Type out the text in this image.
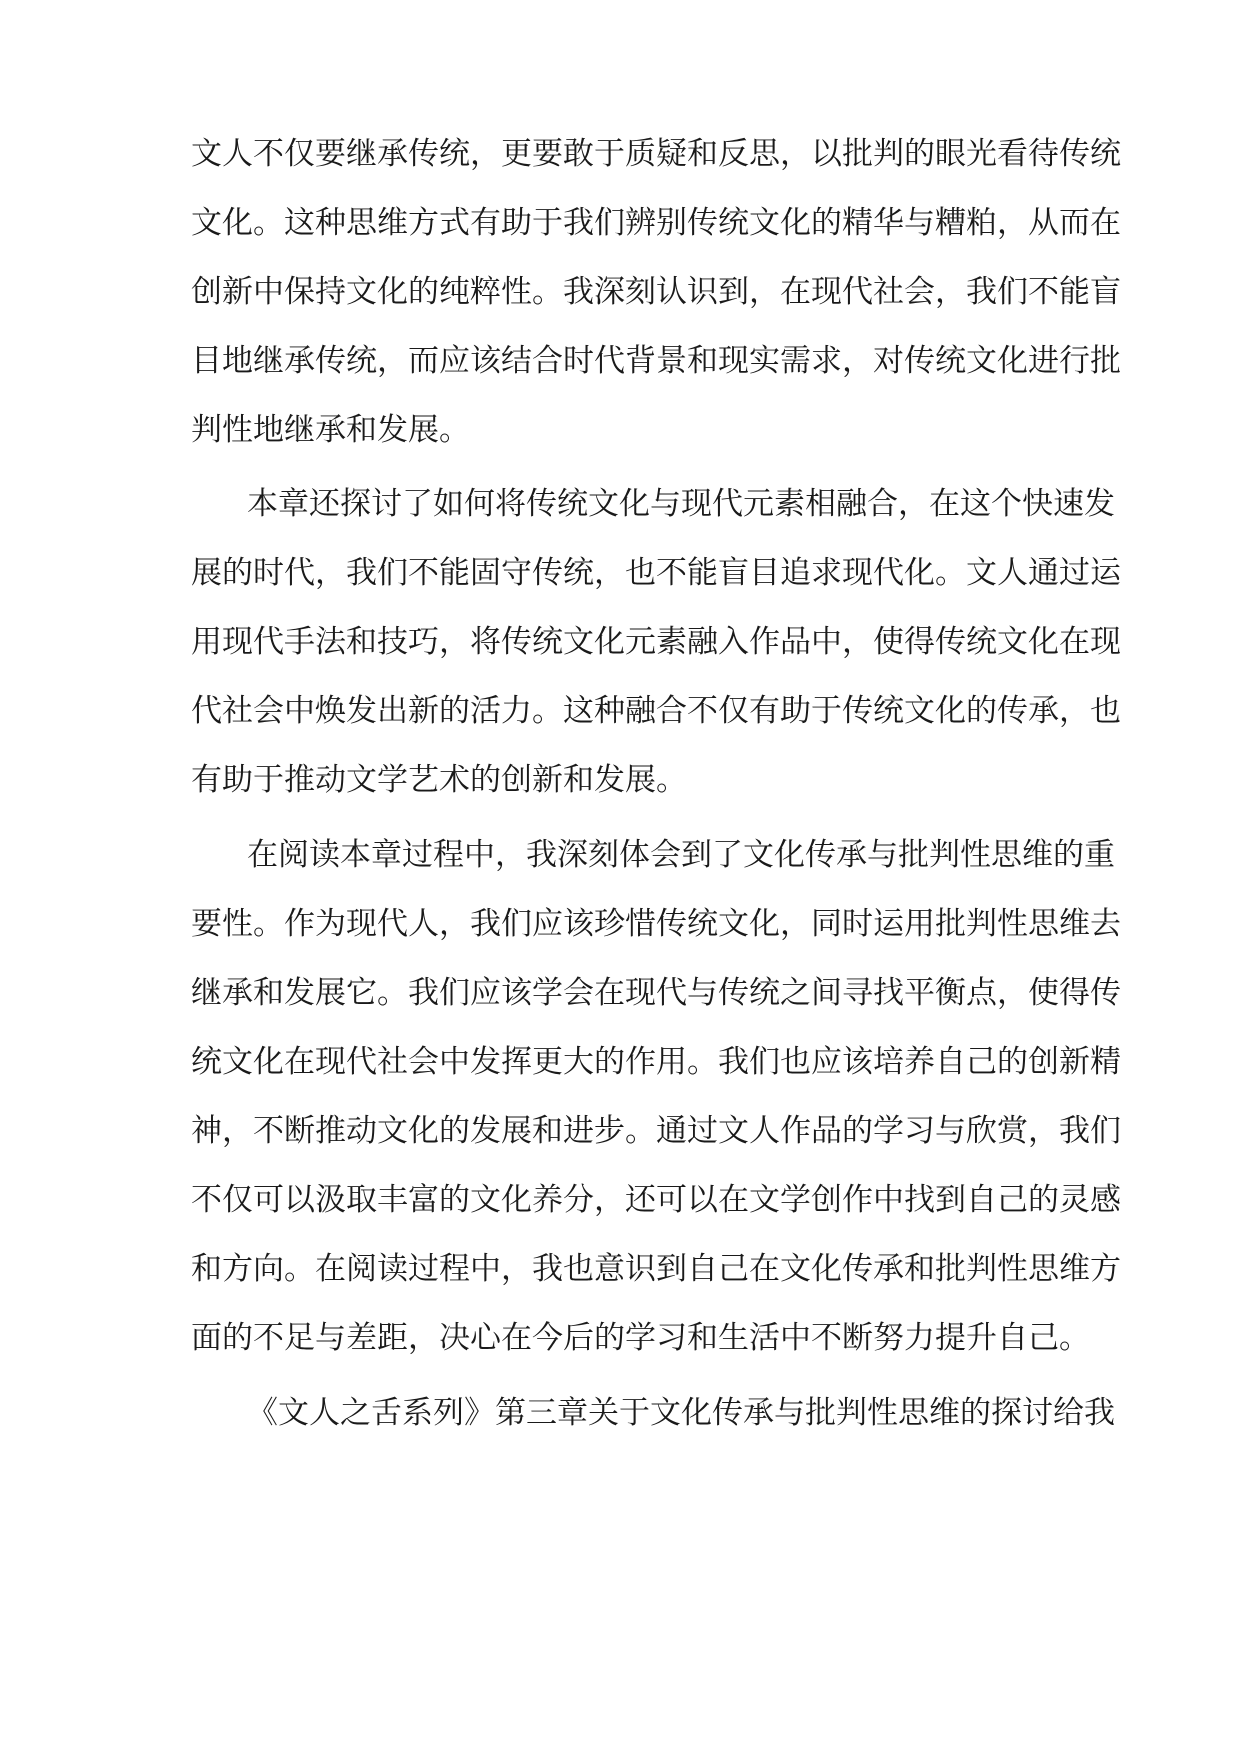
文人不仅要继承传统，更要敢于质疑和反思，以批判的眼光看待传统
文化。这种思维方式有助于我们辨别传统文化的精华与糟粕，从而在
创新中保持文化的纯粹性。我深刻认识到，在现代社会，我们不能盲
目地继承传统，而应该结合时代背景和现实需求，对传统文化进行批
判性地继承和发展。
本章还探讨了如何将传统文化与现代元素相融合，在这个快速发
展的时代，我们不能固守传统，也不能盲目追求现代化。文人通过运
用现代手法和技巧，将传统文化元素融入作品中，使得传统文化在现
代社会中焕发出新的活力。这种融合不仅有助于传统文化的传承，也
有助于推动文学艺术的创新和发展。
在阅读本章过程中，我深刻体会到了文化传承与批判性思维的重
要性。作为现代人，我们应该珍惜传统文化，同时运用批判性思维去
继承和发展它。我们应该学会在现代与传统之间寻找平衡点，使得传
统文化在现代社会中发挥更大的作用。我们也应该培养自己的创新精
神，不断推动文化的发展和进步。通过文人作品的学习与欣赏，我们
不仅可以汲取丰富的文化养分，还可以在文学创作中找到自己的灵感
和方向。在阅读过程中，我也意识到自己在文化传承和批判性思维方
面的不足与差距，决心在今后的学习和生活中不断努力提升自己。
《文人之舌系列》第三章关于文化传承与批判性思维的探讨给我
